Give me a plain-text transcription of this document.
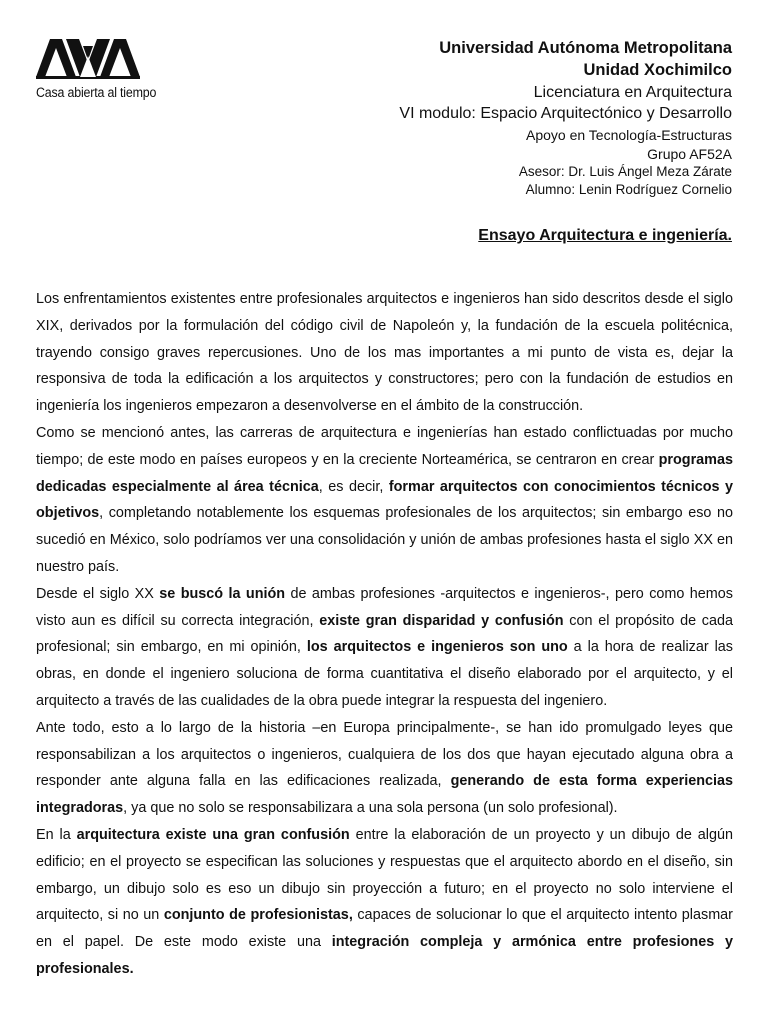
Casa abierta al tiempo
Universidad Autónoma Metropolitana
Unidad Xochimilco
Licenciatura en Arquitectura
VI modulo: Espacio Arquitectónico y Desarrollo
Apoyo en Tecnología-Estructuras
Grupo AF52A
Asesor: Dr. Luis Ángel Meza Zárate
Alumno: Lenin Rodríguez Cornelio
Ensayo Arquitectura e ingeniería.

Los enfrentamientos existentes entre profesionales arquitectos e ingenieros han sido descritos desde el siglo XIX, derivados por la formulación del código civil de Napoleón y, la fundación de la escuela politécnica, trayendo consigo graves repercusiones. Uno de los mas importantes a mi punto de vista es, dejar la responsiva de toda la edificación a los arquitectos y constructores; pero con la fundación de estudios en ingeniería los ingenieros empezaron a desenvolverse en el ámbito de la construcción.

Como se mencionó antes, las carreras de arquitectura e ingenierías han estado conflictuadas por mucho tiempo; de este modo en países europeos y en la creciente Norteamérica, se centraron en crear programas dedicadas especialmente al área técnica, es decir, formar arquitectos con conocimientos técnicos y objetivos, completando notablemente los esquemas profesionales de los arquitectos; sin embargo eso no sucedió en México, solo podríamos ver una consolidación y unión de ambas profesiones hasta el siglo XX en nuestro país.

Desde el siglo XX se buscó la unión de ambas profesiones -arquitectos e ingenieros-, pero como hemos visto aun es difícil su correcta integración, existe gran disparidad y confusión con el propósito de cada profesional; sin embargo, en mi opinión, los arquitectos e ingenieros son uno a la hora de realizar las obras, en donde el ingeniero soluciona de forma cuantitativa el diseño elaborado por el arquitecto, y el arquitecto a través de las cualidades de la obra puede integrar la respuesta del ingeniero.

Ante todo, esto a lo largo de la historia –en Europa principalmente-, se han ido promulgado leyes que responsabilizan a los arquitectos o ingenieros, cualquiera de los dos que hayan ejecutado alguna obra a responder ante alguna falla en las edificaciones realizada, generando de esta forma experiencias integradoras, ya que no solo se responsabilizara a una sola persona (un solo profesional).

En la arquitectura existe una gran confusión entre la elaboración de un proyecto y un dibujo de algún edificio; en el proyecto se especifican las soluciones y respuestas que el arquitecto abordo en el diseño, sin embargo, un dibujo solo es eso un dibujo sin proyección a futuro; en el proyecto no solo interviene el arquitecto, si no un conjunto de profesionistas, capaces de solucionar lo que el arquitecto intento plasmar en el papel. De este modo existe una integración compleja y armónica entre profesiones y profesionales.
